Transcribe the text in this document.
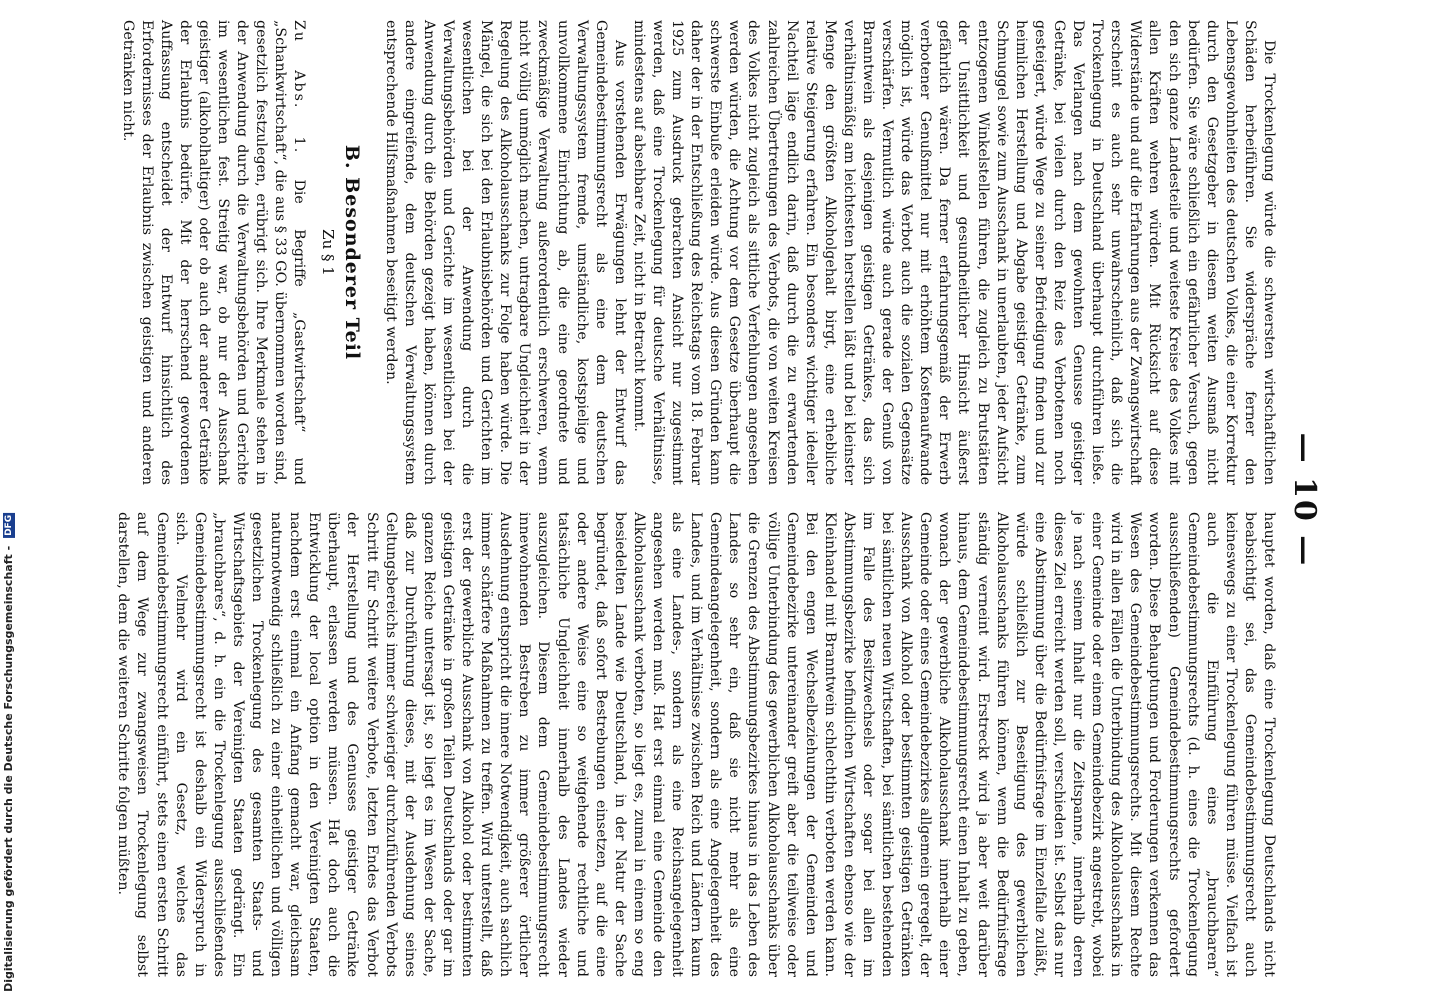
— 10 —

Die Trockenlegung würde die schwersten wirtschaftlichen Schäden herbeiführen. Sie widerspräche ferner den Lebensgewohnheiten des deutschen Volkes, die einer Korrektur durch den Gesetzgeber in diesem weiten Ausmaß nicht bedürfen. Sie wäre schließlich ein gefährlicher Versuch, gegen den sich ganze Landesteile und weiteste Kreise des Volkes mit allen Kräften wehren würden. Mit Rücksicht auf diese Widerstände und auf die Erfahrungen aus der Zwangswirtschaft erscheint es auch sehr unwahrscheinlich, daß sich die Trockenlegung in Deutschland überhaupt durchführen ließe. Das Verlangen nach dem gewohnten Genusse geistiger Getränke, bei vielen durch den Reiz des Verbotenen noch gesteigert, würde Wege zu seiner Befriedigung finden und zur heimlichen Herstellung und Abgabe geistiger Getränke, zum Schmuggel sowie zum Ausschank in unerlaubten, jeder Aufsicht entzogenen Winkelstellen führen, die zugleich zu Brutstätten der Unsittlichkeit und gesundheitlicher Hinsicht äußerst gefährlich wären. Da ferner erfahrungsgemäß der Erwerb verbotener Genußmittel nur mit erhöhtem Kostenaufwande möglich ist, würde das Verbot auch die sozialen Gegensätze verschärfen. Vermutlich würde auch gerade der Genuß von Branntwein als desjenigen geistigen Getränkes, das sich verhältnismäßig am leichtesten herstellen läßt und bei kleinster Menge den größten Alkoholgehalt birgt, eine erhebliche relative Steigerung erfahren. Ein besonders wichtiger ideeller Nachteil läge endlich darin, daß durch die zu erwartenden zahlreichen Übertretungen des Verbots, die von weiten Kreisen des Volkes nicht zugleich als sittliche Verfehlungen angesehen werden würden, die Achtung vor dem Gesetze überhaupt die schwerste Einbuße erleiden würde. Aus diesen Gründen kann daher der in der Entschließung des Reichstags vom 18. Februar 1925 zum Ausdruck gebrachten Ansicht nur zugestimmt werden, daß eine Trockenlegung für deutsche Verhältnisse, mindestens auf absehbare Zeit, nicht in Betracht kommt.

Aus vorstehenden Erwägungen lehnt der Entwurf das Gemeindebestimmungsrecht als eine dem deutschen Verwaltungssystem fremde, umständliche, kostspielige und unvollkommene Einrichtung ab, die eine geordnete und zweckmäßige Verwaltung außerordentlich erschweren, wenn nicht völlig unmöglich machen, untragbare Ungleichheit in der Regelung des Alkoholausschanks zur Folge haben würde. Die Mängel, die sich bei den Erlaubnisbehörden und Gerichten im wesentlichen bei der Anwendung durch die Verwaltungsbehörden und Gerichte im wesentlichen bei der Anwendung durch die Behörden gezeigt haben, können durch andere eingreifende, dem deutschen Verwaltungssystem entsprechende Hilfsmaßnahmen beseitigt werden.

B. Besonderer Teil
Zu § 1

Zu Abs. 1. Die Begriffe „Gastwirtschaft“ und „Schankwirtschaft“, die aus § 33 GO. übernommen worden sind, gesetzlich festzulegen, erübrigt sich. Ihre Merkmale stehen in der Anwendung durch die Verwaltungsbehörden und Gerichte im wesentlichen fest. Streitig war, ob nur der Ausschank geistiger (alkoholhaltiger) oder ob auch der anderer Getränke der Erlaubnis bedürfe. Mit der herrschend gewordenen Auffassung entscheidet der Entwurf hinsichtlich des Erfordernisses der Erlaubnis zwischen geistigen und anderen Getränken nicht.

hauptet worden, daß eine Trockenlegung Deutschlands nicht beabsichtigt sei, das Gemeindebestimmungsrecht auch keineswegs zu einer Trockenlegung führen müsse. Vielfach ist auch die Einführung eines „brauchbaren“ Gemeindebestimmungsrechts (d. h. eines die Trockenlegung ausschließenden) Gemeindebestimmungsrechts gefordert worden. Diese Behauptungen und Forderungen verkennen das Wesen des Gemeindebestimmungsrechts. Mit diesem Rechte wird in allen Fällen die Unterbindung des Alkoholausschanks in einer Gemeinde oder einem Gemeindebezirk angestrebt, wobei je nach seinem Inhalt nur die Zeitspanne, innerhalb deren dieses Ziel erreicht werden soll, verschieden ist. Selbst das nur eine Abstimmung über die Bedürfnisfrage im Einzelfalle zuläßt, würde schließlich zur Beseitigung des gewerblichen Alkoholausschanks führen können, wenn die Bedürfnisfrage ständig verneint wird. Erstreckt wird ja aber weit darüber hinaus, dem Gemeindebestimmungsrecht einen Inhalt zu geben, wonach der gewerbliche Alkoholausschank innerhalb einer Gemeinde oder eines Gemeindebezirkes allgemein geregelt, der Ausschank von Alkohol oder bestimmten geistigen Getränken bei sämtlichen neuen Wirtschaften, bei sämtlichen bestehenden im Falle des Besitzwechsels oder sogar bei allen im Abstimmungsbezirke befindlichen Wirtschaften ebenso wie der Kleinhandel mit Branntwein schlechthin verboten werden kann. Bei den engen Wechselbeziehungen der Gemeinden und Gemeindebezirke untereinander greift aber die teilweise oder völlige Unterbindung des gewerblichen Alkoholausschanks über die Grenzen des Abstimmungsbezirkes hinaus in das Leben des Landes so sehr ein, daß sie nicht mehr als eine Gemeindeangelegenheit, sondern als eine Angelegenheit des Landes, und im Verhältnisse zwischen Reich und Ländern kaum als eine Landes-, sondern als eine Reichsangelegenheit angesehen werden muß. Hat erst einmal eine Gemeinde den Alkoholausschank verboten, so liegt es, zumal in einem so eng besiedelten Lande wie Deutschland, in der Natur der Sache begründet, daß sofort Bestrebungen einsetzen, auf die eine oder andere Weise eine so weitgehende rechtliche und tatsächliche Ungleichheit innerhalb des Landes wieder auszugleichen. Diesem dem Gemeindebestimmungsrecht innewohnenden Bestreben zu immer größerer örtlicher Ausdehnung entspricht die innere Notwendigkeit, auch sachlich immer schärfere Maßnahmen zu treffen. Wird unterstellt, daß erst der gewerbliche Ausschank von Alkohol oder bestimmten geistigen Getränke in großen Teilen Deutschlands oder gar im ganzen Reiche untersagt ist, so liegt es im Wesen der Sache, daß zur Durchführung dieses, mit der Ausdehnung seines Geltungsbereichs immer schwieriger durchzuführenden Verbots Schritt für Schritt weitere Verbote, letzten Endes das Verbot der Herstellung und des Genusses geistiger Getränke überhaupt, erlassen werden müssen. Hat doch auch die Entwicklung der local option in den Vereinigten Staaten, nachdem erst einmal ein Anfang gemacht war, gleichsam naturnotwendig schließlich zu einer einheitlichen und völligen gesetzlichen Trockenlegung des gesamten Staats- und Wirtschaftsgebiets der Vereinigten Staaten gedrängt. Ein „brauchbares“, d. h. ein die Trockenlegung ausschließendes Gemeindebestimmungsrecht ist deshalb ein Widerspruch in sich. Vielmehr wird ein Gesetz, welches das Gemeindebestimmungsrecht einführt, stets einen ersten Schritt auf dem Wege zur zwangsweisen Trockenlegung selbst darstellen, dem die weiteren Schritte folgen müßten.

Digitalisierung gefördert durch die Deutsche Forschungsgemeinschaft - DFG
